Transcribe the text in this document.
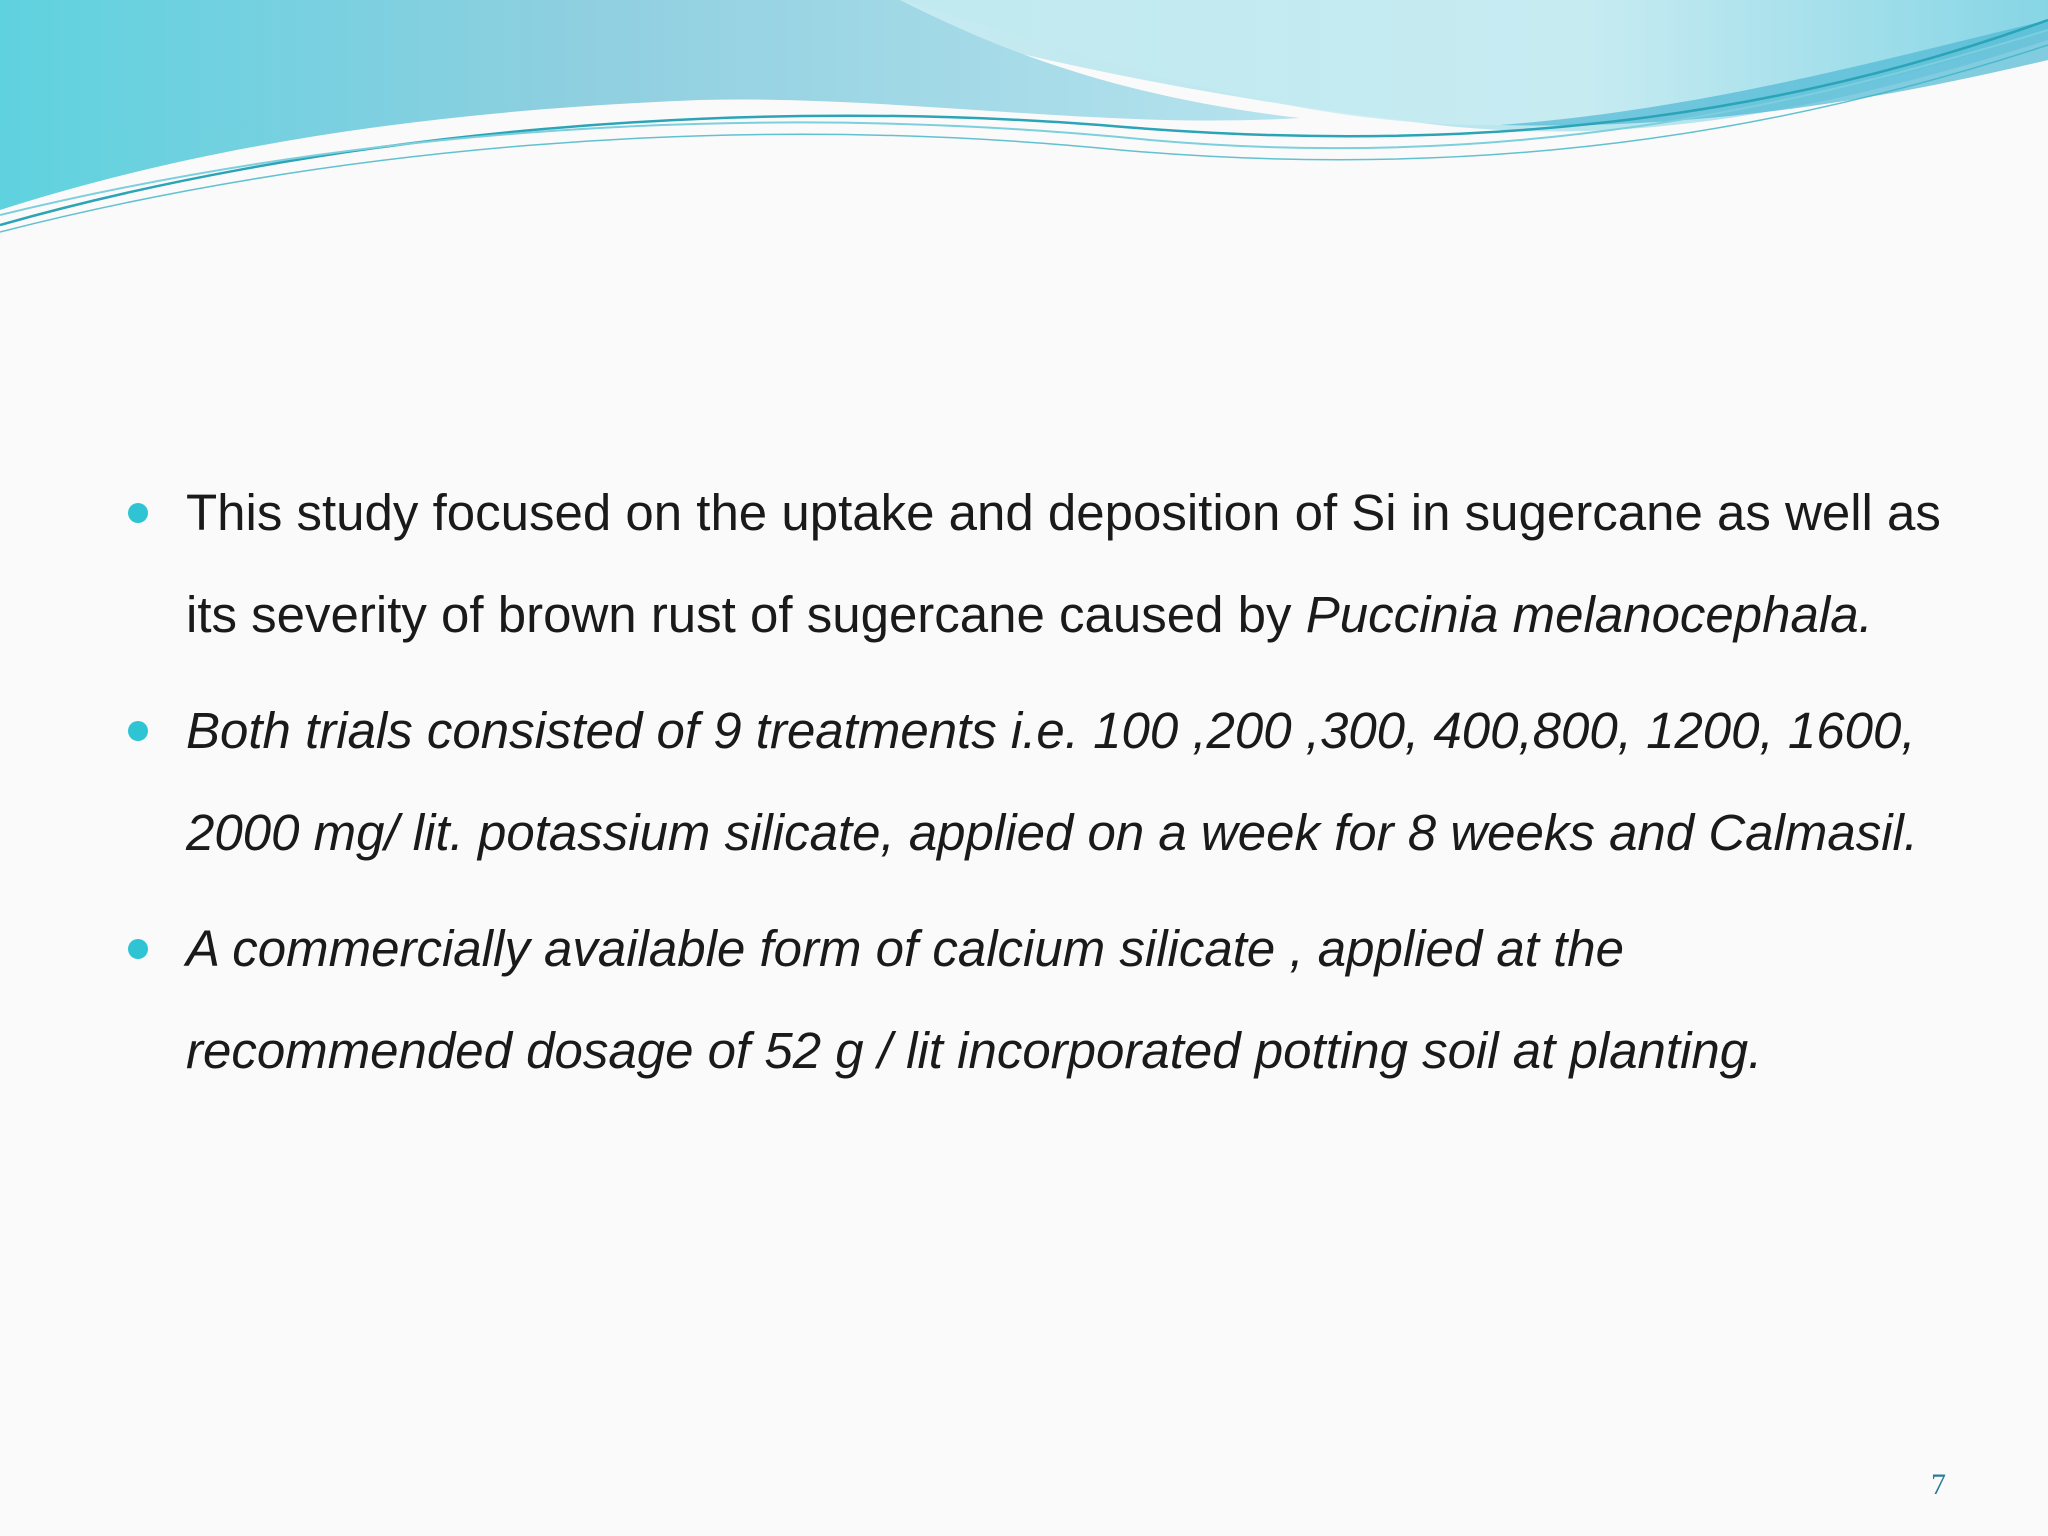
This study focused on the uptake and deposition of Si in sugercane as well as its severity of brown rust of sugercane caused by Puccinia melanocephala.
Both trials consisted of 9 treatments i.e. 100 ,200 ,300, 400,800, 1200, 1600, 2000 mg/ lit. potassium silicate, applied on a week for 8 weeks and Calmasil.
A commercially available form of calcium silicate , applied at the recommended dosage of 52 g / lit incorporated potting soil at planting.
7
